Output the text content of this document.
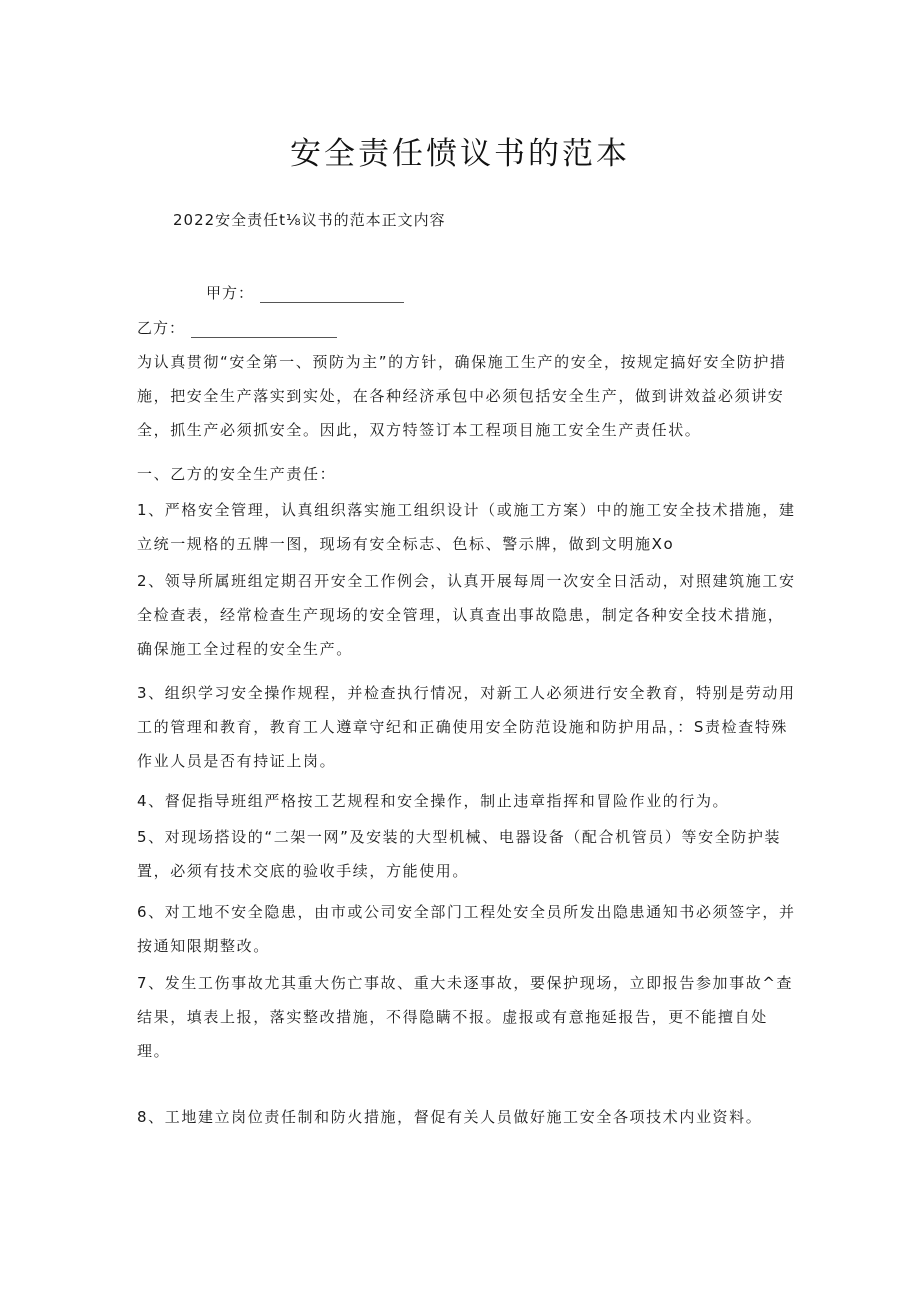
安全责任愤议书的范本
2022安全责任t⅛议书的范本正文内容
甲方：
乙方：

为认真贯彻“安全第一、预防为主”的方针，确保施工生产的安全，按规定搞好安全防护措施，把安全生产落实到实处，在各种经济承包中必须包括安全生产，做到讲效益必须讲安全，抓生产必须抓安全。因此，双方特签订本工程项目施工安全生产责任状。

一、乙方的安全生产责任：

1、严格安全管理，认真组织落实施工组织设计（或施工方案）中的施工安全技术措施，建立统一规格的五牌一图，现场有安全标志、色标、警示牌，做到文明施Xo

2、领导所属班组定期召开安全工作例会，认真开展每周一次安全日活动，对照建筑施工安全检查表，经常检查生产现场的安全管理，认真查出事故隐患，制定各种安全技术措施，确保施工全过程的安全生产。

3、组织学习安全操作规程，并检查执行情况，对新工人必须进行安全教育，特别是劳动用工的管理和教育，教育工人遵章守纪和正确使用安全防范设施和防护用品，：S责检查特殊作业人员是否有持证上岗。

4、督促指导班组严格按工艺规程和安全操作，制止违章指挥和冒险作业的行为。

5、对现场搭设的“二架一网”及安装的大型机械、电器设备（配合机管员）等安全防护装置，必须有技术交底的验收手续，方能使用。

6、对工地不安全隐患，由市或公司安全部门工程处安全员所发出隐患通知书必须签字，并按通知限期整改。

7、发生工伤事故尤其重大伤亡事故、重大未逐事故，要保护现场，立即报告参加事故^查结果，填表上报，落实整改措施，不得隐瞒不报。虚报或有意拖延报告，更不能擅自处理。

8、工地建立岗位责任制和防火措施，督促有关人员做好施工安全各项技术内业资料。
